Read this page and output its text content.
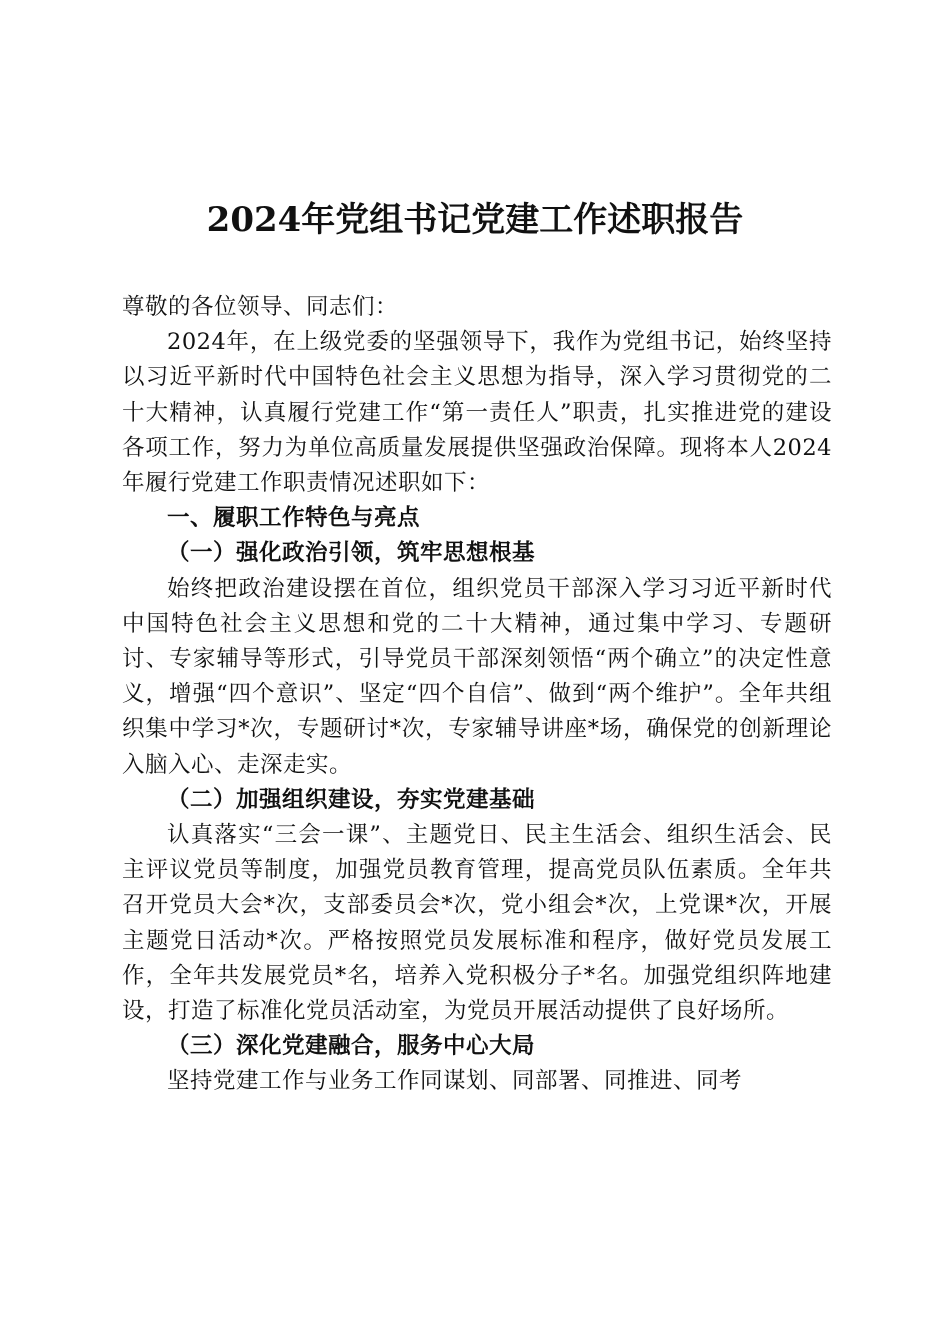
2024年党组书记党建工作述职报告

尊敬的各位领导、同志们：

2024年，在上级党委的坚强领导下，我作为党组书记，始终坚持以习近平新时代中国特色社会主义思想为指导，深入学习贯彻党的二十大精神，认真履行党建工作“第一责任人”职责，扎实推进党的建设各项工作，努力为单位高质量发展提供坚强政治保障。现将本人2024年履行党建工作职责情况述职如下：

一、履职工作特色与亮点

（一）强化政治引领，筑牢思想根基

始终把政治建设摆在首位，组织党员干部深入学习习近平新时代中国特色社会主义思想和党的二十大精神，通过集中学习、专题研讨、专家辅导等形式，引导党员干部深刻领悟“两个确立”的决定性意义，增强“四个意识”、坚定“四个自信”、做到“两个维护”。全年共组织集中学习*次，专题研讨*次，专家辅导讲座*场，确保党的创新理论入脑入心、走深走实。

（二）加强组织建设，夯实党建基础

认真落实“三会一课”、主题党日、民主生活会、组织生活会、民主评议党员等制度，加强党员教育管理，提高党员队伍素质。全年共召开党员大会*次，支部委员会*次，党小组会*次，上党课*次，开展主题党日活动*次。严格按照党员发展标准和程序，做好党员发展工作，全年共发展党员*名，培养入党积极分子*名。加强党组织阵地建设，打造了标准化党员活动室，为党员开展活动提供了良好场所。

（三）深化党建融合，服务中心大局

坚持党建工作与业务工作同谋划、同部署、同推进、同考
